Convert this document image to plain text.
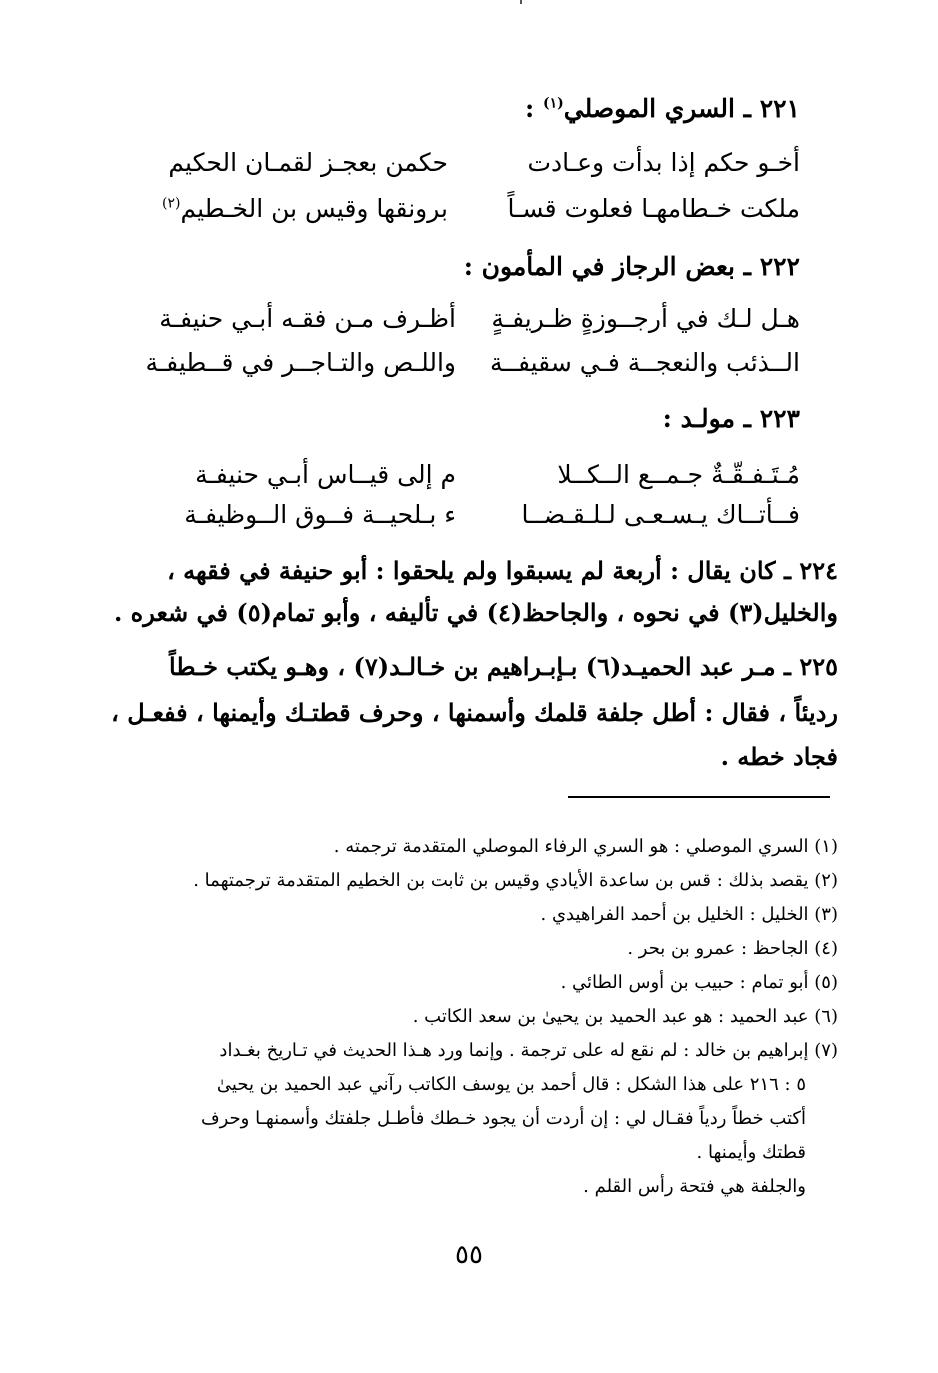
٢٢١ ـ السري الموصلي$^{(١)}$ :
أخـو حكم إذا بدأت وعـادت
حكمن بعجـز لقمـان الحكيم
ملكت خـطامهـا فعلوت قسـاً
برونقها وقيس بن الخـطيم$^{(٢)}$
٢٢٢ ـ بعض الرجاز في المأمون :
هـل لـك في أرجــوزةٍ ظـريفـةٍ
أظـرف مـن فقـه أبـي حنيفـة
الــذئب والنعجــة فـي سقيفــة
واللـص والتـاجــر في قــطيفـة
٢٢٣ ـ مولـد :
مُـتَـفـقّـةٌ جـمــع الــكــلا
م إلى قيــاس أبـي حنيفـة
فــأتــاك يـسـعـى لـلـقـضــا
ء بـلحيــة فــوق الــوظيفـة
٢٢٤ ـ كان يقال : أربعة لم يسبقوا ولم يلحقوا : أبو حنيفة في فقهه ،
والخليل(٣) في نحوه ، والجاحظ(٤) في تأليفه ، وأبو تمام(٥) في شعره .
٢٢٥ ـ مـر عبد الحميـد(٦) بـإبـراهيم بن خـالـد(٧) ، وهـو يكتب خـطاً
رديئاً ، فقال : أطل جلفة قلمك وأسمنها ، وحرف قطتـك وأيمنها ، ففعـل ،
فجاد خطه .
(١) السري الموصلي : هو السري الرفاء الموصلي المتقدمة ترجمته .
(٢) يقصد بذلك : قس بن ساعدة الأيادي وقيس بن ثابت بن الخطيم المتقدمة ترجمتهما .
(٣) الخليل : الخليل بن أحمد الفراهيدي .
(٤) الجاحظ : عمرو بن بحر .
(٥) أبو تمام : حبيب بن أوس الطائي .
(٦) عبد الحميد : هو عبد الحميد بن يحيىٰ بن سعد الكاتب .
(٧) إبراهيم بن خالد : لم نقع له على ترجمة . وإنما ورد هـذا الحديث في تـاريخ بغـداد
٥ : ٢١٦ على هذا الشكل : قال أحمد بن يوسف الكاتب رآني عبد الحميد بن يحيىٰ
أكتب خطاً ردياً فقـال لي : إن أردت أن يجود خـطك فأطـل جلفتك وأسمنهـا وحرف
قطتك وأيمنها .
والجلفة هي فتحة رأس القلم .
٥٥
